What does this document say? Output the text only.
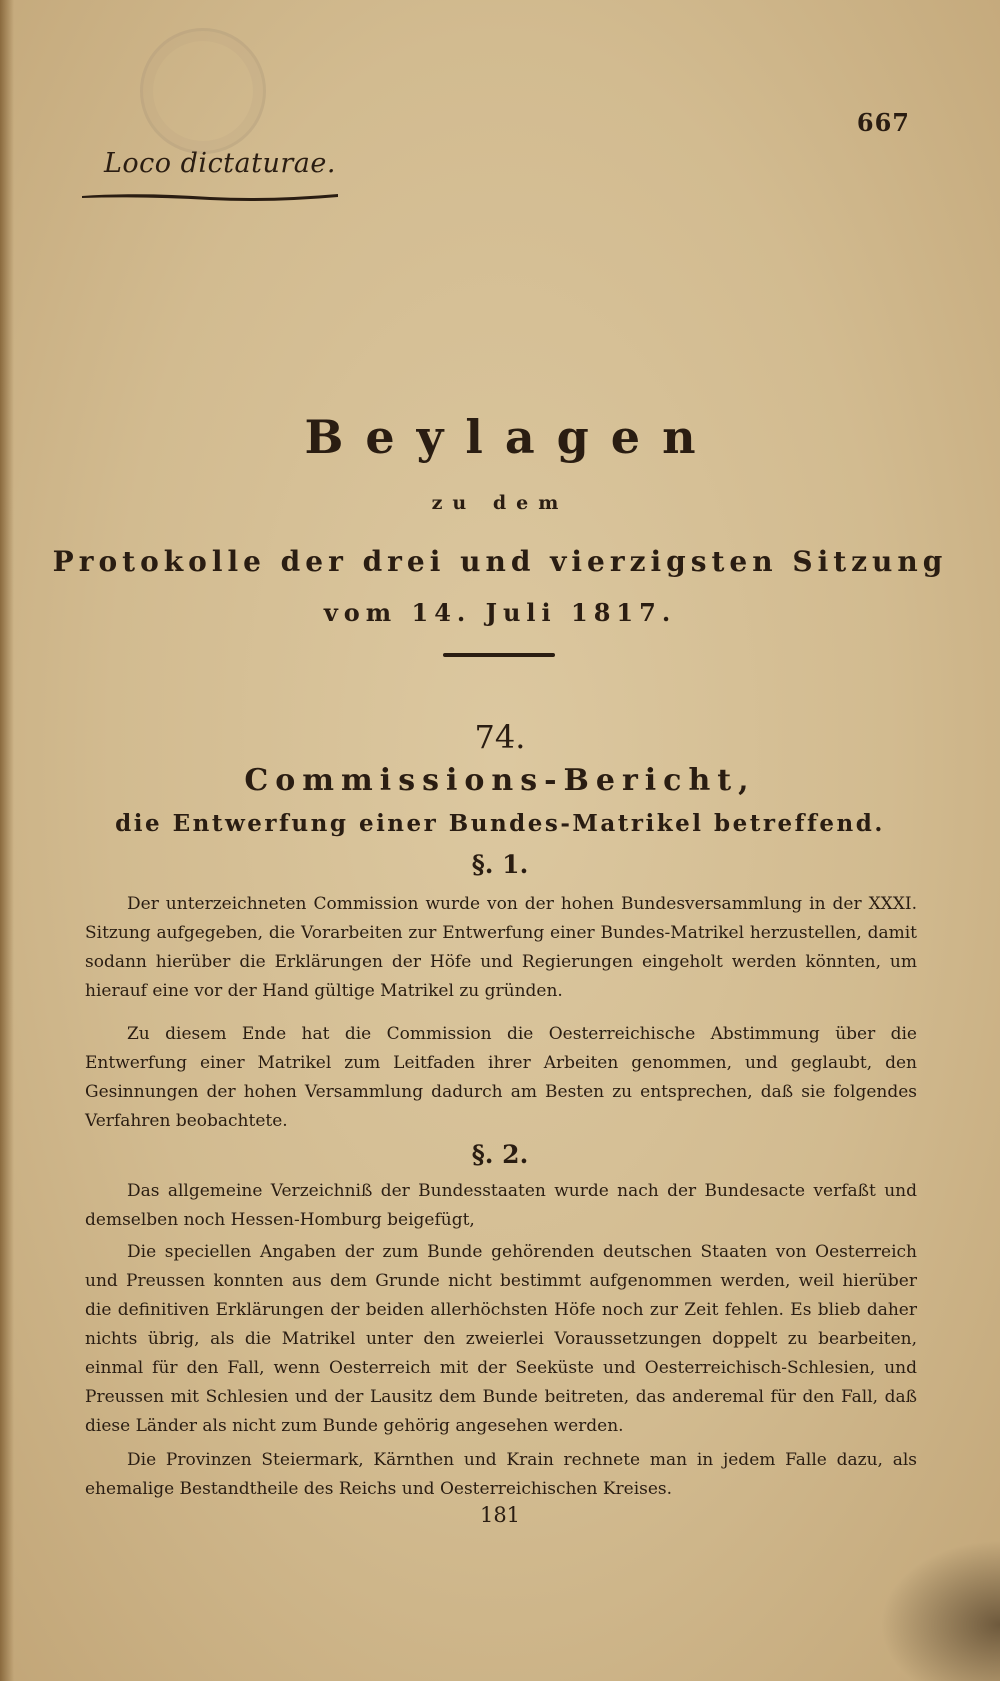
667
Loco dictaturae.
Beylagen
zu dem
Protokolle der drei und vierzigsten Sitzung
vom 14. Juli 1817.
74.
Commissions-Bericht,
die Entwerfung einer Bundes-Matrikel betreffend.
§. 1.
Der unterzeichneten Commission wurde von der hohen Bundesversammlung in der XXXI. Sitzung aufgegeben, die Vorarbeiten zur Entwerfung einer Bundes-Matrikel herzustellen, damit sodann hierüber die Erklärungen der Höfe und Regierungen eingeholt werden könnten, um hierauf eine vor der Hand gültige Matrikel zu gründen.
Zu diesem Ende hat die Commission die Oesterreichische Abstimmung über die Entwerfung einer Matrikel zum Leitfaden ihrer Arbeiten genommen, und geglaubt, den Gesinnungen der hohen Versammlung dadurch am Besten zu entsprechen, daß sie folgendes Verfahren beobachtete.
§. 2.
Das allgemeine Verzeichniß der Bundesstaaten wurde nach der Bundesacte verfaßt und demselben noch Hessen-Homburg beigefügt,
Die speciellen Angaben der zum Bunde gehörenden deutschen Staaten von Oesterreich und Preussen konnten aus dem Grunde nicht bestimmt aufgenommen werden, weil hierüber die definitiven Erklärungen der beiden allerhöchsten Höfe noch zur Zeit fehlen. Es blieb daher nichts übrig, als die Matrikel unter den zweierlei Voraussetzungen doppelt zu bearbeiten, einmal für den Fall, wenn Oesterreich mit der Seeküste und Oesterreichisch-Schlesien, und Preussen mit Schlesien und der Lausitz dem Bunde beitreten, das anderemal für den Fall, daß diese Länder als nicht zum Bunde gehörig angesehen werden.
Die Provinzen Steiermark, Kärnthen und Krain rechnete man in jedem Falle dazu, als ehemalige Bestandtheile des Reichs und Oesterreichischen Kreises.
181
